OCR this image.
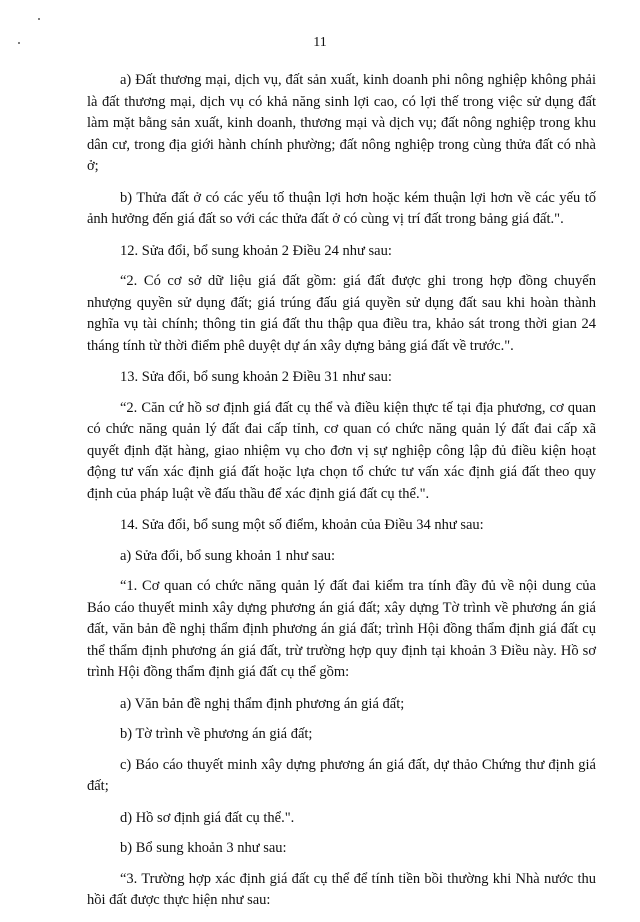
11

a) Đất thương mại, dịch vụ, đất sản xuất, kinh doanh phi nông nghiệp không phải là đất thương mại, dịch vụ có khả năng sinh lợi cao, có lợi thế trong việc sử dụng đất làm mặt bằng sản xuất, kinh doanh, thương mại và dịch vụ; đất nông nghiệp trong khu dân cư, trong địa giới hành chính phường; đất nông nghiệp trong cùng thửa đất có nhà ở;

b) Thửa đất ở có các yếu tố thuận lợi hơn hoặc kém thuận lợi hơn về các yếu tố ảnh hưởng đến giá đất so với các thửa đất ở có cùng vị trí đất trong bảng giá đất.".

12. Sửa đổi, bổ sung khoản 2 Điều 24 như sau:

“2. Có cơ sở dữ liệu giá đất gồm: giá đất được ghi trong hợp đồng chuyển nhượng quyền sử dụng đất; giá trúng đấu giá quyền sử dụng đất sau khi hoàn thành nghĩa vụ tài chính; thông tin giá đất thu thập qua điều tra, khảo sát trong thời gian 24 tháng tính từ thời điểm phê duyệt dự án xây dựng bảng giá đất về trước.".

13. Sửa đổi, bổ sung khoản 2 Điều 31 như sau:

“2. Căn cứ hồ sơ định giá đất cụ thể và điều kiện thực tế tại địa phương, cơ quan có chức năng quản lý đất đai cấp tỉnh, cơ quan có chức năng quản lý đất đai cấp xã quyết định đặt hàng, giao nhiệm vụ cho đơn vị sự nghiệp công lập đủ điều kiện hoạt động tư vấn xác định giá đất hoặc lựa chọn tổ chức tư vấn xác định giá đất theo quy định của pháp luật về đấu thầu để xác định giá đất cụ thể.".

14. Sửa đổi, bổ sung một số điểm, khoản của Điều 34 như sau:

a) Sửa đổi, bổ sung khoản 1 như sau:

“1. Cơ quan có chức năng quản lý đất đai kiểm tra tính đầy đủ về nội dung của Báo cáo thuyết minh xây dựng phương án giá đất; xây dựng Tờ trình về phương án giá đất, văn bản đề nghị thẩm định phương án giá đất; trình Hội đồng thẩm định giá đất cụ thể thẩm định phương án giá đất, trừ trường hợp quy định tại khoản 3 Điều này. Hồ sơ trình Hội đồng thẩm định giá đất cụ thể gồm:

a) Văn bản đề nghị thẩm định phương án giá đất;

b) Tờ trình về phương án giá đất;

c) Báo cáo thuyết minh xây dựng phương án giá đất, dự thảo Chứng thư định giá đất;

d) Hồ sơ định giá đất cụ thể.".

b) Bổ sung khoản 3 như sau:

“3. Trường hợp xác định giá đất cụ thể để tính tiền bồi thường khi Nhà nước thu hồi đất được thực hiện như sau:
